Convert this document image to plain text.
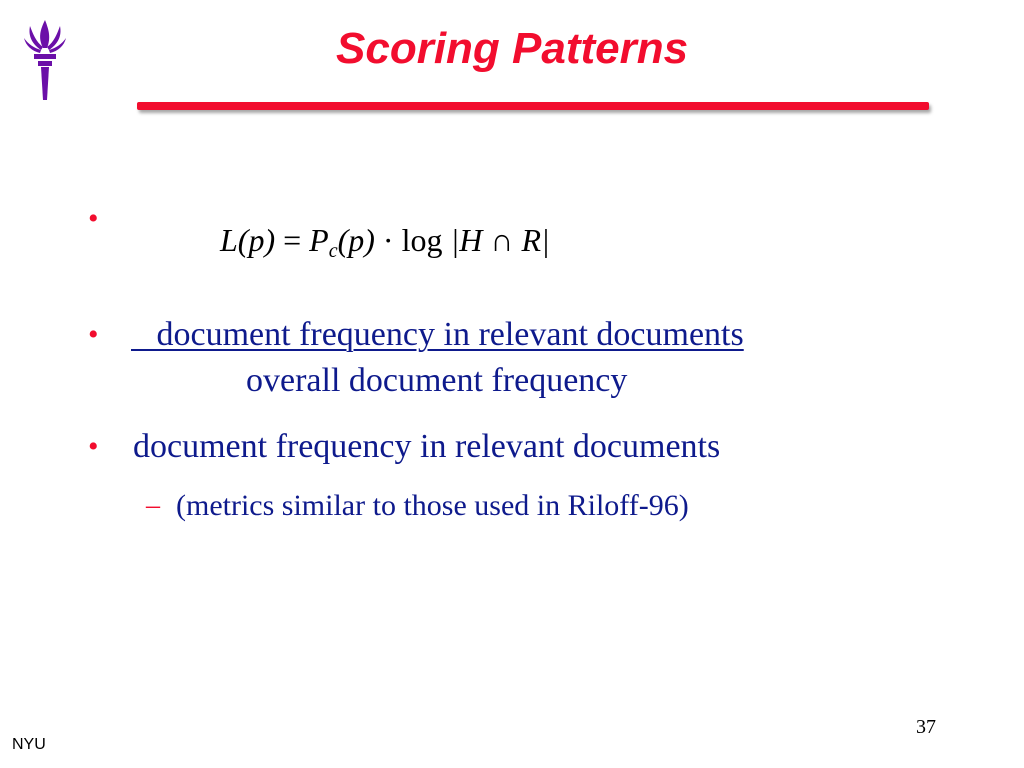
Scoring Patterns
•
$L(p) = P_c(p) \cdot \log |H$ ∩ R|
• document frequency in relevant documents
overall document frequency
• document frequency in relevant documents
– (metrics similar to those used in Riloff-96)
37
NYU
